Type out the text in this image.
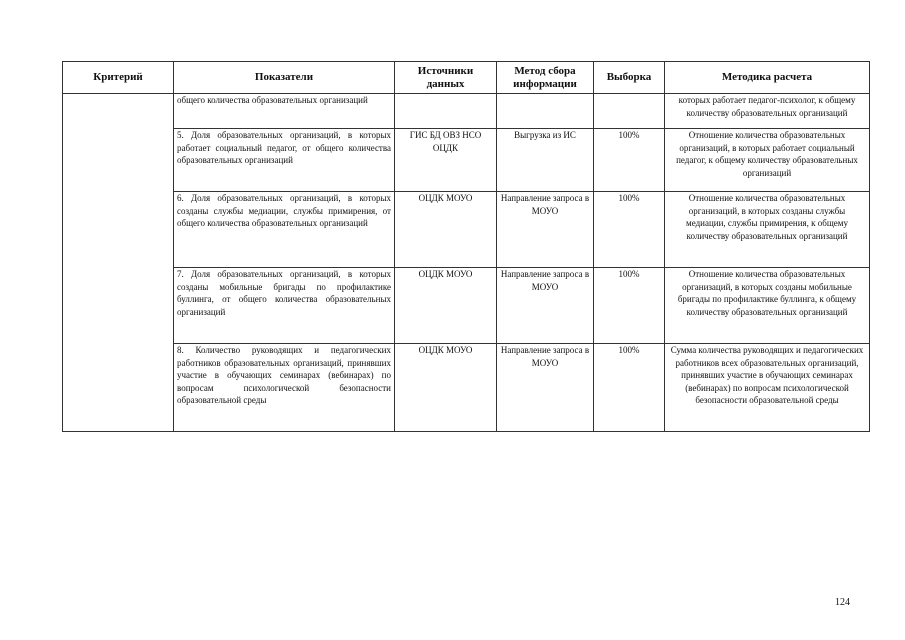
Критерий	Показатели	Источники данных	Метод сбора информации	Выборка	Методика расчета
	общего количества образовательных организаций				которых работает педагог-психолог, к общему количеству образовательных организаций
	5. Доля образовательных организаций, в которых работает социальный педагог, от общего количества образовательных организаций	ГИС БД ОВЗ НСО ОЦДК	Выгрузка из ИС	100%	Отношение количества образовательных организаций, в которых работает социальный педагог, к общему количеству образовательных организаций
	6. Доля образовательных организаций, в которых созданы службы медиации, службы примирения, от общего количества образовательных организаций	ОЦДК МОУО	Направление запроса в МОУО	100%	Отношение количества образовательных организаций, в которых созданы службы медиации, службы примирения, к общему количеству образовательных организаций
	7. Доля образовательных организаций, в которых созданы мобильные бригады по профилактике буллинга, от общего количества образовательных организаций	ОЦДК МОУО	Направление запроса в МОУО	100%	Отношение количества образовательных организаций, в которых созданы мобильные бригады по профилактике буллинга, к общему количеству образовательных организаций
	8. Количество руководящих и педагогических работников образовательных организаций, принявших участие в обучающих семинарах (вебинарах) по вопросам психологической безопасности образовательной среды	ОЦДК МОУО	Направление запроса в МОУО	100%	Сумма количества руководящих и педагогических работников всех образовательных организаций, принявших участие в обучающих семинарах (вебинарах) по вопросам психологической безопасности образовательной среды
124
